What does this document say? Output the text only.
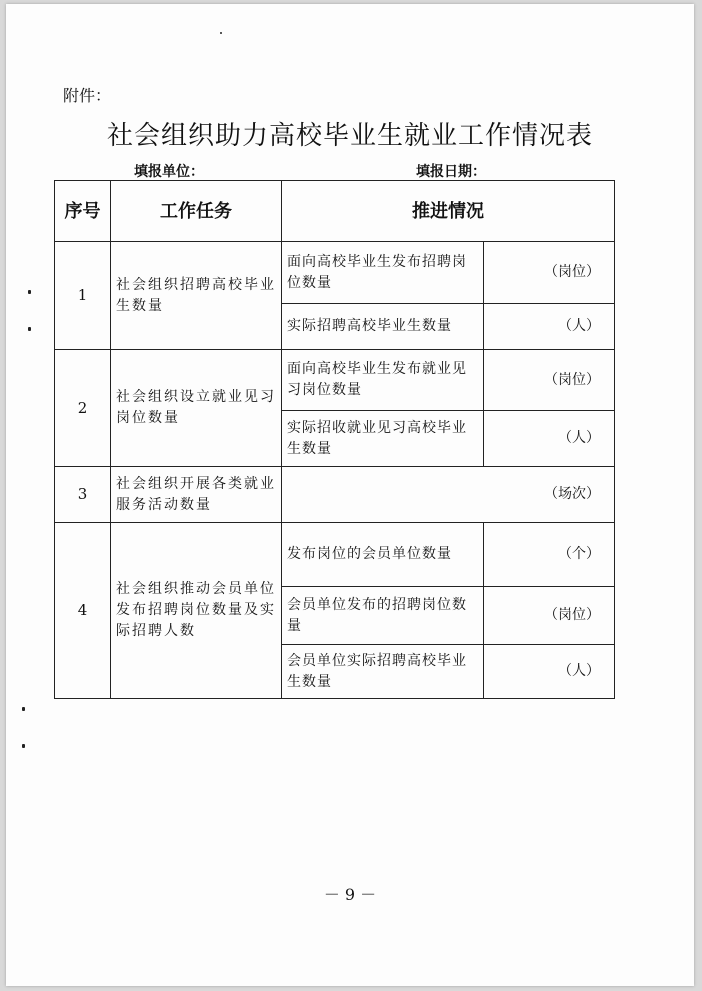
附件：
社会组织助力高校毕业生就业工作情况表
填报单位：	填报日期：
序号	工作任务	推进情况	
1	社会组织招聘高校毕业生数量	面向高校毕业生发布招聘岗位数量	（岗位）
		实际招聘高校毕业生数量	（人）
2	社会组织设立就业见习岗位数量	面向高校毕业生发布就业见习岗位数量	（岗位）
		实际招收就业见习高校毕业生数量	（人）
3	社会组织开展各类就业服务活动数量	（场次）	
4	社会组织推动会员单位发布招聘岗位数量及实际招聘人数	发布岗位的会员单位数量	（个）
		会员单位发布的招聘岗位数量	（岗位）
		会员单位实际招聘高校毕业生数量	（人）
－ 9 －
